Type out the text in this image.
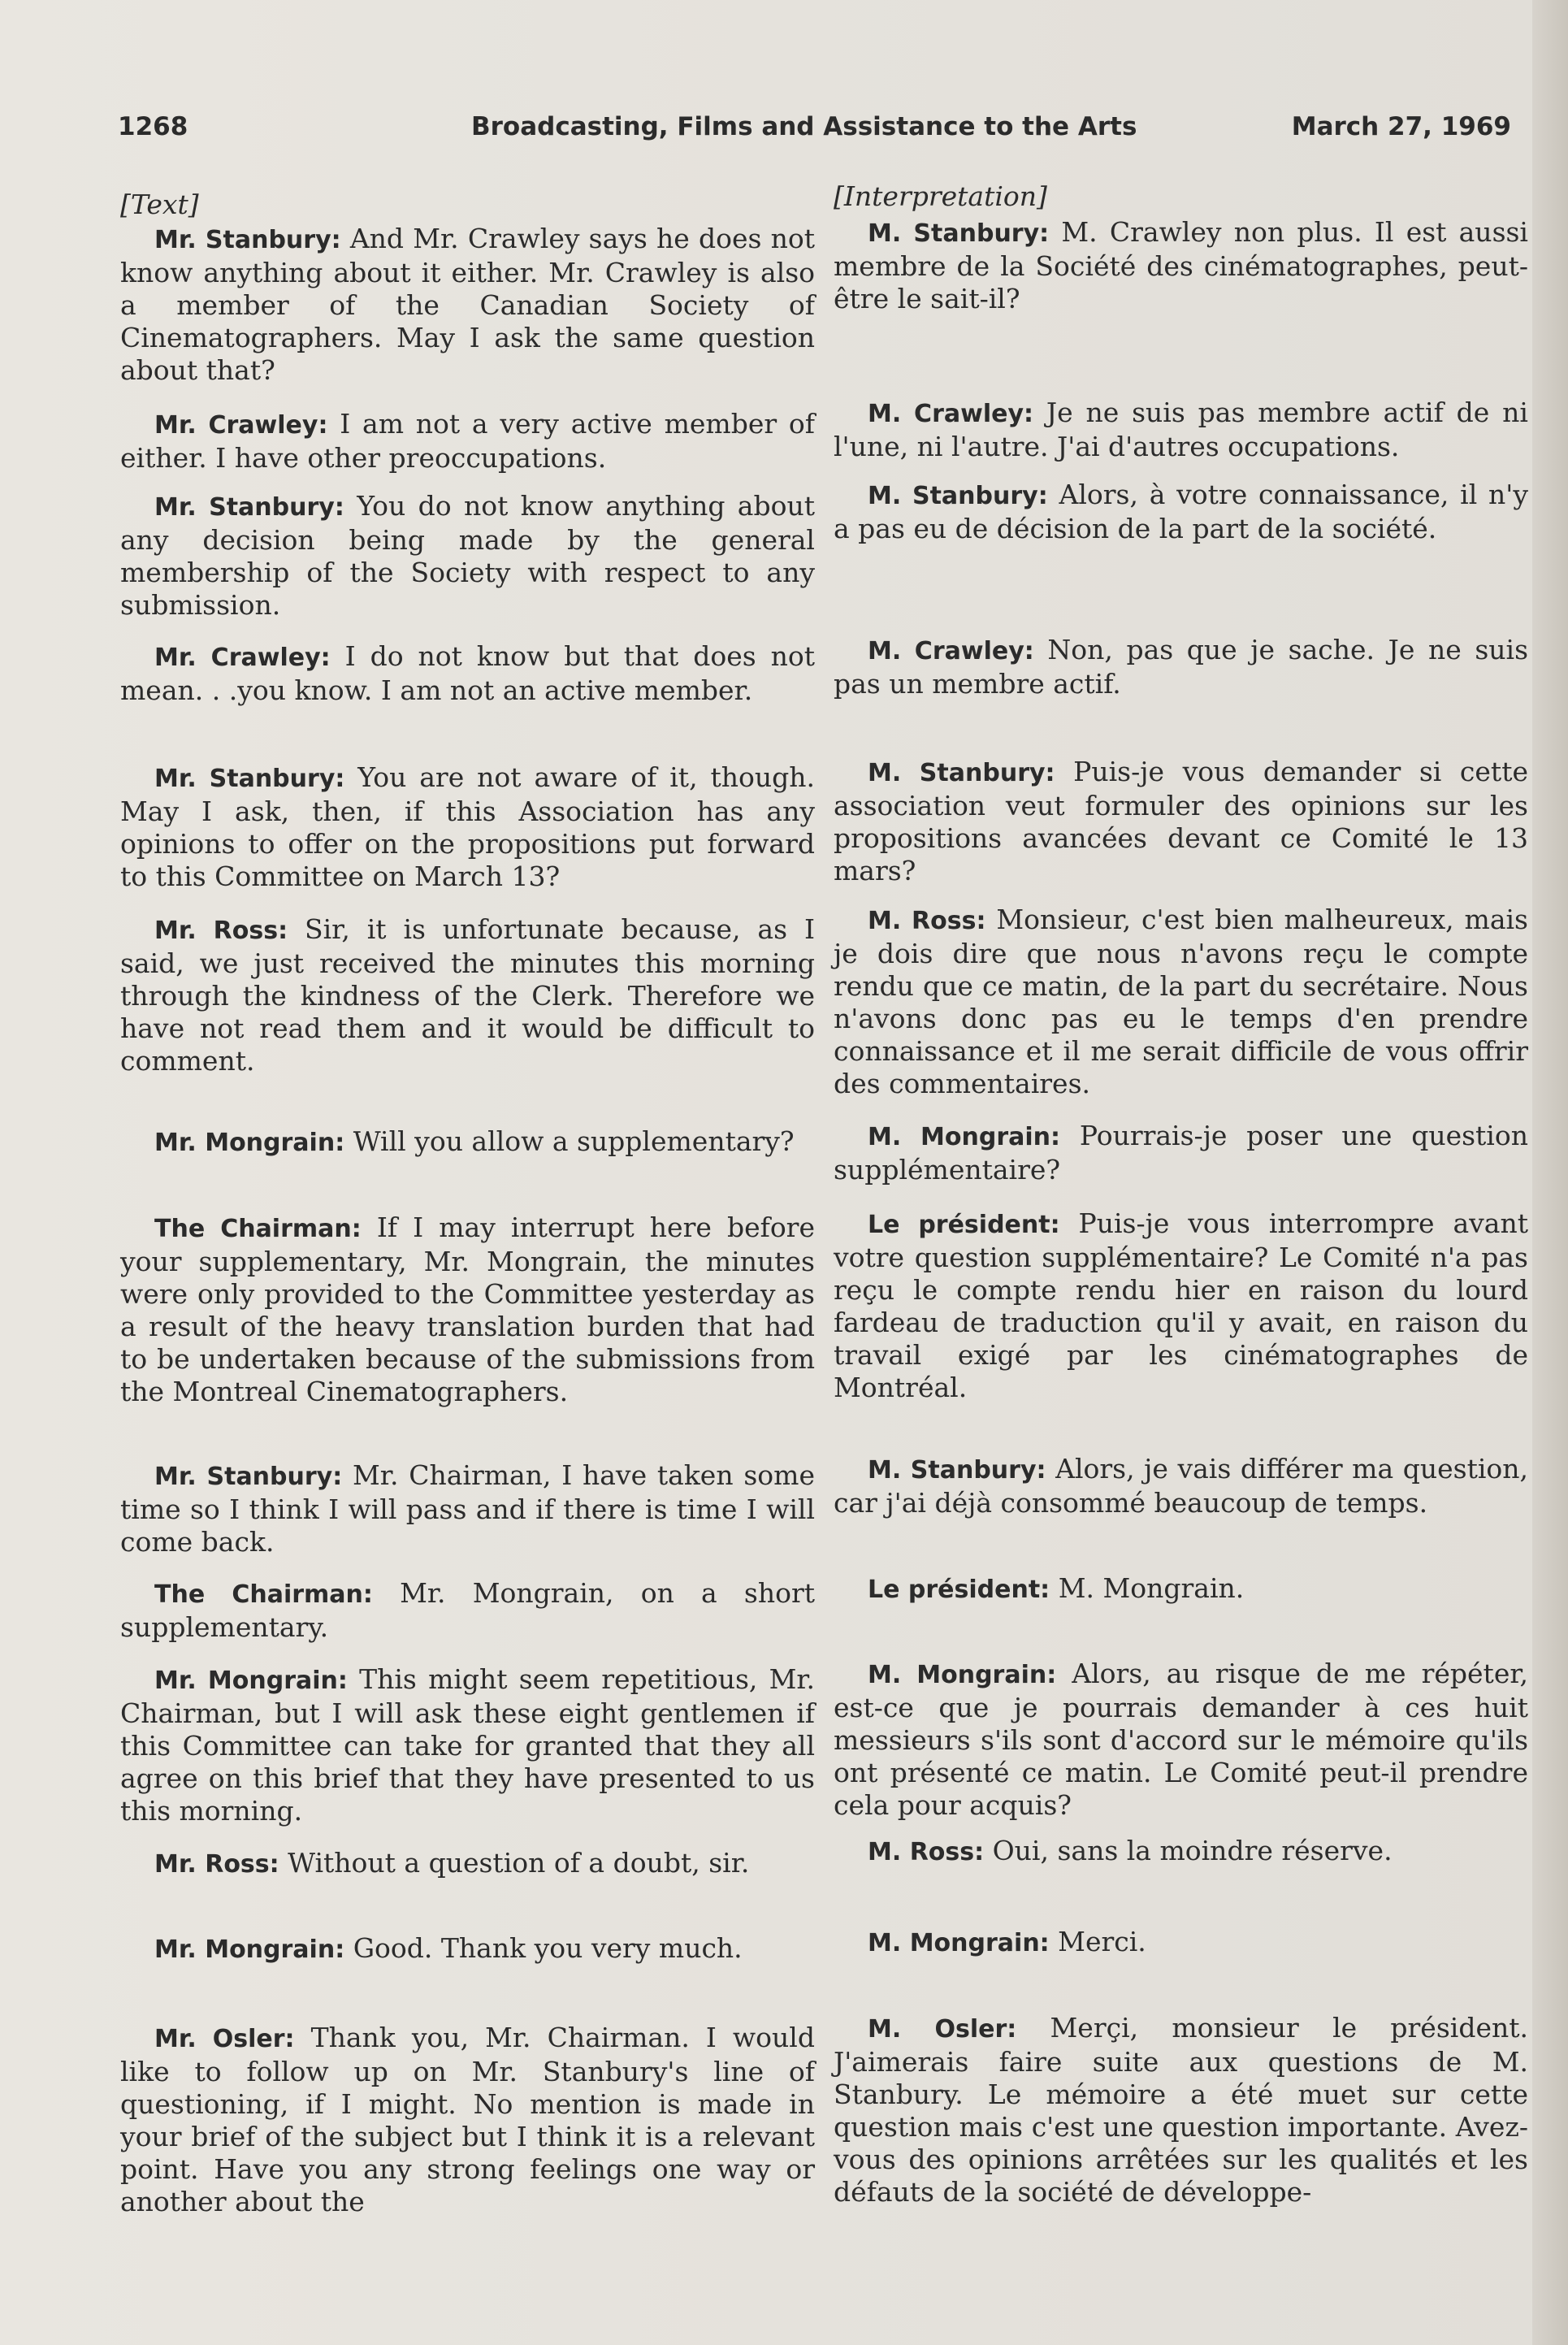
1268	Broadcasting, Films and Assistance to the Arts	March 27, 1969
[Text]
Mr. Stanbury: And Mr. Crawley says he does not know anything about it either. Mr. Crawley is also a member of the Canadian Society of Cinematographers. May I ask the same question about that?
Mr. Crawley: I am not a very active member of either. I have other preoccupations.
Mr. Stanbury: You do not know anything about any decision being made by the general membership of the Society with respect to any submission.
Mr. Crawley: I do not know but that does not mean. . .you know. I am not an active member.
Mr. Stanbury: You are not aware of it, though. May I ask, then, if this Association has any opinions to offer on the propositions put forward to this Committee on March 13?
Mr. Ross: Sir, it is unfortunate because, as I said, we just received the minutes this morning through the kindness of the Clerk. Therefore we have not read them and it would be difficult to comment.
Mr. Mongrain: Will you allow a supplementary?
The Chairman: If I may interrupt here before your supplementary, Mr. Mongrain, the minutes were only provided to the Committee yesterday as a result of the heavy translation burden that had to be undertaken because of the submissions from the Montreal Cinematographers.
Mr. Stanbury: Mr. Chairman, I have taken some time so I think I will pass and if there is time I will come back.
The Chairman: Mr. Mongrain, on a short supplementary.
Mr. Mongrain: This might seem repetitious, Mr. Chairman, but I will ask these eight gentlemen if this Committee can take for granted that they all agree on this brief that they have presented to us this morning.
Mr. Ross: Without a question of a doubt, sir.
Mr. Mongrain: Good. Thank you very much.
Mr. Osler: Thank you, Mr. Chairman. I would like to follow up on Mr. Stanbury's line of questioning, if I might. No mention is made in your brief of the subject but I think it is a relevant point. Have you any strong feelings one way or another about the
[Interpretation]
M. Stanbury: M. Crawley non plus. Il est aussi membre de la Société des cinématographes, peut-être le sait-il?
M. Crawley: Je ne suis pas membre actif de ni l'une, ni l'autre. J'ai d'autres occupations.
M. Stanbury: Alors, à votre connaissance, il n'y a pas eu de décision de la part de la société.
M. Crawley: Non, pas que je sache. Je ne suis pas un membre actif.
M. Stanbury: Puis-je vous demander si cette association veut formuler des opinions sur les propositions avancées devant ce Comité le 13 mars?
M. Ross: Monsieur, c'est bien malheureux, mais je dois dire que nous n'avons reçu le compte rendu que ce matin, de la part du secrétaire. Nous n'avons donc pas eu le temps d'en prendre connaissance et il me serait difficile de vous offrir des commentaires.
M. Mongrain: Pourrais-je poser une question supplémentaire?
Le président: Puis-je vous interrompre avant votre question supplémentaire? Le Comité n'a pas reçu le compte rendu hier en raison du lourd fardeau de traduction qu'il y avait, en raison du travail exigé par les cinématographes de Montréal.
M. Stanbury: Alors, je vais différer ma question, car j'ai déjà consommé beaucoup de temps.
Le président: M. Mongrain.
M. Mongrain: Alors, au risque de me répéter, est-ce que je pourrais demander à ces huit messieurs s'ils sont d'accord sur le mémoire qu'ils ont présenté ce matin. Le Comité peut-il prendre cela pour acquis?
M. Ross: Oui, sans la moindre réserve.
M. Mongrain: Merci.
M. Osler: Merçi, monsieur le président. J'aimerais faire suite aux questions de M. Stanbury. Le mémoire a été muet sur cette question mais c'est une question importante. Avez-vous des opinions arrêtées sur les qualités et les défauts de la société de développe-
